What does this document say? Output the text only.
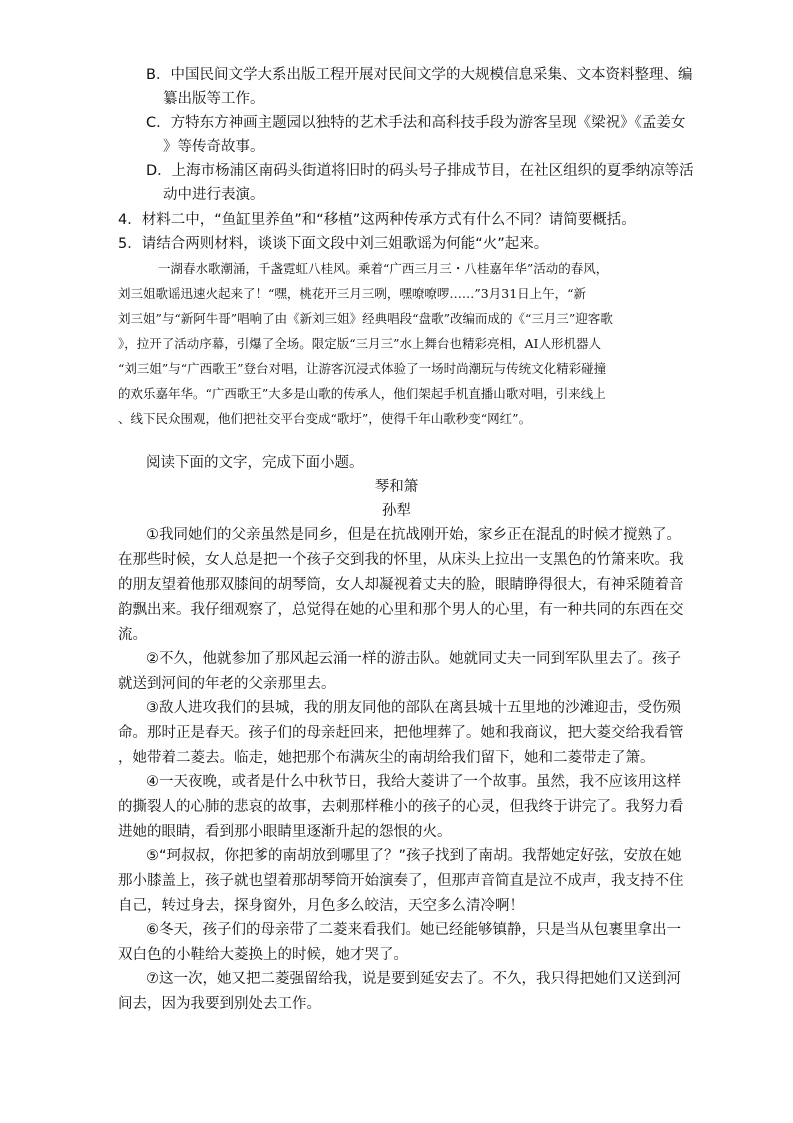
B．中国民间文学大系出版工程开展对民间文学的大规模信息采集、文本资料整理、编
纂出版等工作。
C．方特东方神画主题园以独特的艺术手法和高科技手段为游客呈现《梁祝》《孟姜女
》等传奇故事。
D．上海市杨浦区南码头街道将旧时的码头号子排成节目，在社区组织的夏季纳凉等活
动中进行表演。
4．材料二中，“鱼缸里养鱼”和“移植”这两种传承方式有什么不同？请简要概括。
5．请结合两则材料，谈谈下面文段中刘三姐歌谣为何能“火”起来。
一湖春水歌潮涌，千盏霓虹八桂风。乘着“广西三月三・八桂嘉年华”活动的春风，
刘三姐歌谣迅速火起来了！“嘿，桃花开三月三咧，嘿嘹嘹啰……”3月31日上午，“新
刘三姐”与“新阿牛哥”唱响了由《新刘三姐》经典唱段“盘歌”改编而成的《“三月三”迎客歌
》，拉开了活动序幕，引爆了全场。限定版“三月三”水上舞台也精彩亮相，AI人形机器人
“刘三姐”与“广西歌王”登台对唱，让游客沉浸式体验了一场时尚潮玩与传统文化精彩碰撞
的欢乐嘉年华。“广西歌王”大多是山歌的传承人，他们架起手机直播山歌对唱，引来线上
、线下民众围观，他们把社交平台变成“歌圩”，使得千年山歌秒变“网红”。
阅读下面的文字，完成下面小题。
琴和箫
孙犁
①我同她们的父亲虽然是同乡，但是在抗战刚开始，家乡正在混乱的时候才搅熟了。
在那些时候，女人总是把一个孩子交到我的怀里，从床头上拉出一支黑色的竹箫来吹。我
的朋友望着他那双膝间的胡琴筒，女人却凝视着丈夫的脸，眼睛睁得很大，有神采随着音
韵飘出来。我仔细观察了，总觉得在她的心里和那个男人的心里，有一种共同的东西在交
流。
②不久，他就参加了那风起云涌一样的游击队。她就同丈夫一同到军队里去了。孩子
就送到河间的年老的父亲那里去。
③敌人进攻我们的县城，我的朋友同他的部队在离县城十五里地的沙滩迎击，受伤殒
命。那时正是春天。孩子们的母亲赶回来，把他埋葬了。她和我商议，把大菱交给我看管
，她带着二菱去。临走，她把那个布满灰尘的南胡给我们留下，她和二菱带走了箫。
④一天夜晚，或者是什么中秋节日，我给大菱讲了一个故事。虽然，我不应该用这样
的撕裂人的心肺的悲哀的故事，去刺那样稚小的孩子的心灵，但我终于讲完了。我努力看
进她的眼睛，看到那小眼睛里逐渐升起的怨恨的火。
⑤“珂叔叔，你把爹的南胡放到哪里了？”孩子找到了南胡。我帮她定好弦，安放在她
那小膝盖上，孩子就也望着那胡琴筒开始演奏了，但那声音简直是泣不成声，我支持不住
自己，转过身去，探身窗外，月色多么皎洁，天空多么清冷啊！
⑥冬天，孩子们的母亲带了二菱来看我们。她已经能够镇静，只是当从包裹里拿出一
双白色的小鞋给大菱换上的时候，她才哭了。
⑦这一次，她又把二菱强留给我，说是要到延安去了。不久，我只得把她们又送到河
间去，因为我要到别处去工作。
